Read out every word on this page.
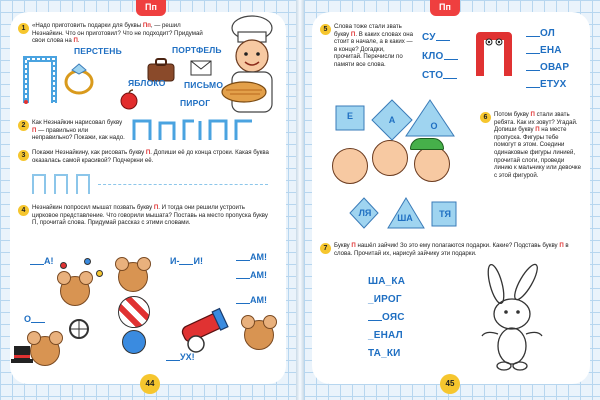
Пп
1	«Надо приготовить подарки для буквы Пп, — решил Незнайкин. Что он приготовил? Что не подходит? Придумай свои слова на П.
ПЕРСТЕНЬ	ПОРТФЕЛЬ
ПИСЬМО
ЯБЛОКО
ПИРОГ
2	Как Незнайкин нарисовал букву П — правильно или неправильно? Покажи, как надо.
3	Покажи Незнайкину, как рисовать букву П. Допиши её до конца строки. Какая буква оказалась самой красивой? Подчеркни её.
4	Незнайкин попросил мышат позвать букву П. И тогда они решили устроить цирковое представление. Что говорили мышата? Поставь на место пропуска букву П, прочитай слова. Придумай рассказ с этими словами.
А!	И- И!	АМ!
АМ!
О
АМ!
УХ!
44
Пп
5	Слова тоже стали звать букву П. В каких словах она стоит в начале, а в каких — в конце? Догадки, прочитай. Перечисли по памяти все слова.
СУ
КЛО
СТО
ОЛ
ЕНА
ОВАР
ЕТУХ
Е	А
О
ЛЯ	ША	ТЯ
6	Потом букву П стали звать ребята. Как их зовут? Угадай. Допиши букву П на месте пропуска. Фигуры тебе помогут в этом. Соедини одинаковые фигуры линией, прочитай слоги, проведи линию к мальчику или девочке с этой фигурой.
7	Букву П нашёл зайчик! Зо это ему полагаются подарки. Какие? Подставь букву П в слова. Прочитай их, нарисуй зайчику эти подарки.
ША_КА
_ИРОГ
ОЯС
_ЕНАЛ
ТА_КИ
45
